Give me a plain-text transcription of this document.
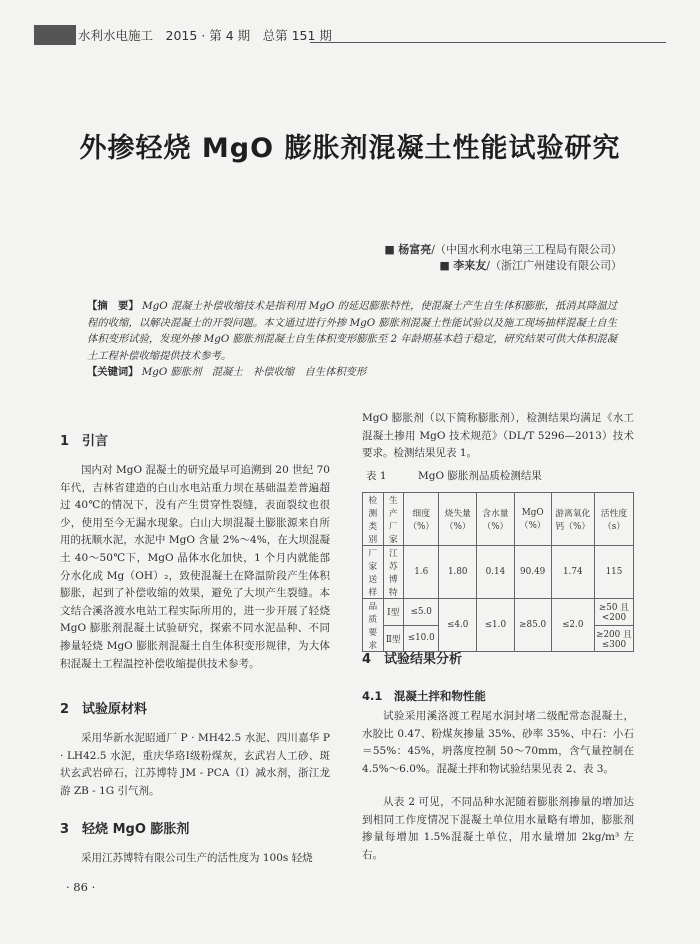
水利水电施工　2015 · 第 4 期　总第 151 期
外掺轻烧 MgO 膨胀剂混凝土性能试验研究
■ 杨富亮/（中国水利水电第三工程局有限公司）
■ 李来友/（浙江广州建设有限公司）
【摘　要】 MgO 混凝土补偿收缩技术是指利用 MgO 的延迟膨胀特性，使混凝土产生自生体积膨胀，抵消其降温过程的收缩，以解决混凝土的开裂问题。本文通过进行外掺 MgO 膨胀剂混凝土性能试验以及施工现场抽样混凝土自生体积变形试验，发现外掺 MgO 膨胀剂混凝土自生体积变形膨胀至 2 年龄期基本趋于稳定，研究结果可供大体积混凝土工程补偿收缩提供技术参考。
【关键词】 MgO 膨胀剂　混凝土　补偿收缩　自生体积变形
1　引言

国内对 MgO 混凝土的研究最早可追溯到 20 世纪 70 年代，吉林省建造的白山水电站重力坝在基础温差普遍超过 40℃的情况下，没有产生贯穿性裂缝，表面裂纹也很少，使用至今无漏水现象。白山大坝混凝土膨胀源来自所用的抚顺水泥，水泥中 MgO 含量 2%～4%，在大坝混凝土 40～50℃下，MgO 晶体水化加快，1 个月内就能部分水化成 Mg（OH）₂，致使混凝土在降温阶段产生体积膨胀，起到了补偿收缩的效果，避免了大坝产生裂缝。本文结合溪洛渡水电站工程实际所用的，进一步开展了轻烧 MgO 膨胀剂混凝土试验研究，探索不同水泥品种、不同掺量轻烧 MgO 膨胀剂混凝土自生体积变形规律，为大体积混凝土工程温控补偿收缩提供技术参考。

2　试验原材料

采用华新水泥昭通厂 P · MH42.5 水泥、四川嘉华 P · LH42.5 水泥，重庆华珞Ⅰ级粉煤灰，玄武岩人工砂、斑状玄武岩碎石，江苏博特 JM - PCA（Ⅰ）减水剂，浙江龙游 ZB - 1G 引气剂。

3　轻烧 MgO 膨胀剂

采用江苏博特有限公司生产的活性度为 100s 轻烧

MgO 膨胀剂（以下简称膨胀剂），检测结果均满足《水工混凝土掺用 MgO 技术规范》（DL/T 5296—2013）技术要求。检测结果见表 1。

表 1　　　MgO 膨胀剂品质检测结果
检测类别	生产厂家	细度（%）	烧失量（%）	含水量（%）	MgO（%）	游离氧化钙（%）	活性度（s）
厂家送样	江苏博特	1.6	1.80	0.14	90.49	1.74	115
品质要求	Ⅰ型	≤5.0	≤4.0	≤1.0	≥85.0	≤2.0	≥50 且<200
	Ⅱ型	≤10.0					≥200 且≤300
4　试验结果分析
4.1　混凝土拌和物性能

试验采用溪洛渡工程尾水洞封堵二级配常态混凝土，水胶比 0.47、粉煤灰掺量 35%、砂率 35%、中石：小石＝55%：45%，坍落度控制 50～70mm，含气量控制在 4.5%～6.0%。混凝土拌和物试验结果见表 2、表 3。

从表 2 可见，不同品种水泥随着膨胀剂掺量的增加达到相同工作度情况下混凝土单位用水量略有增加，膨胀剂掺量每增加 1.5%混凝土单位，用水量增加 2kg/m³ 左右。

· 86 ·
